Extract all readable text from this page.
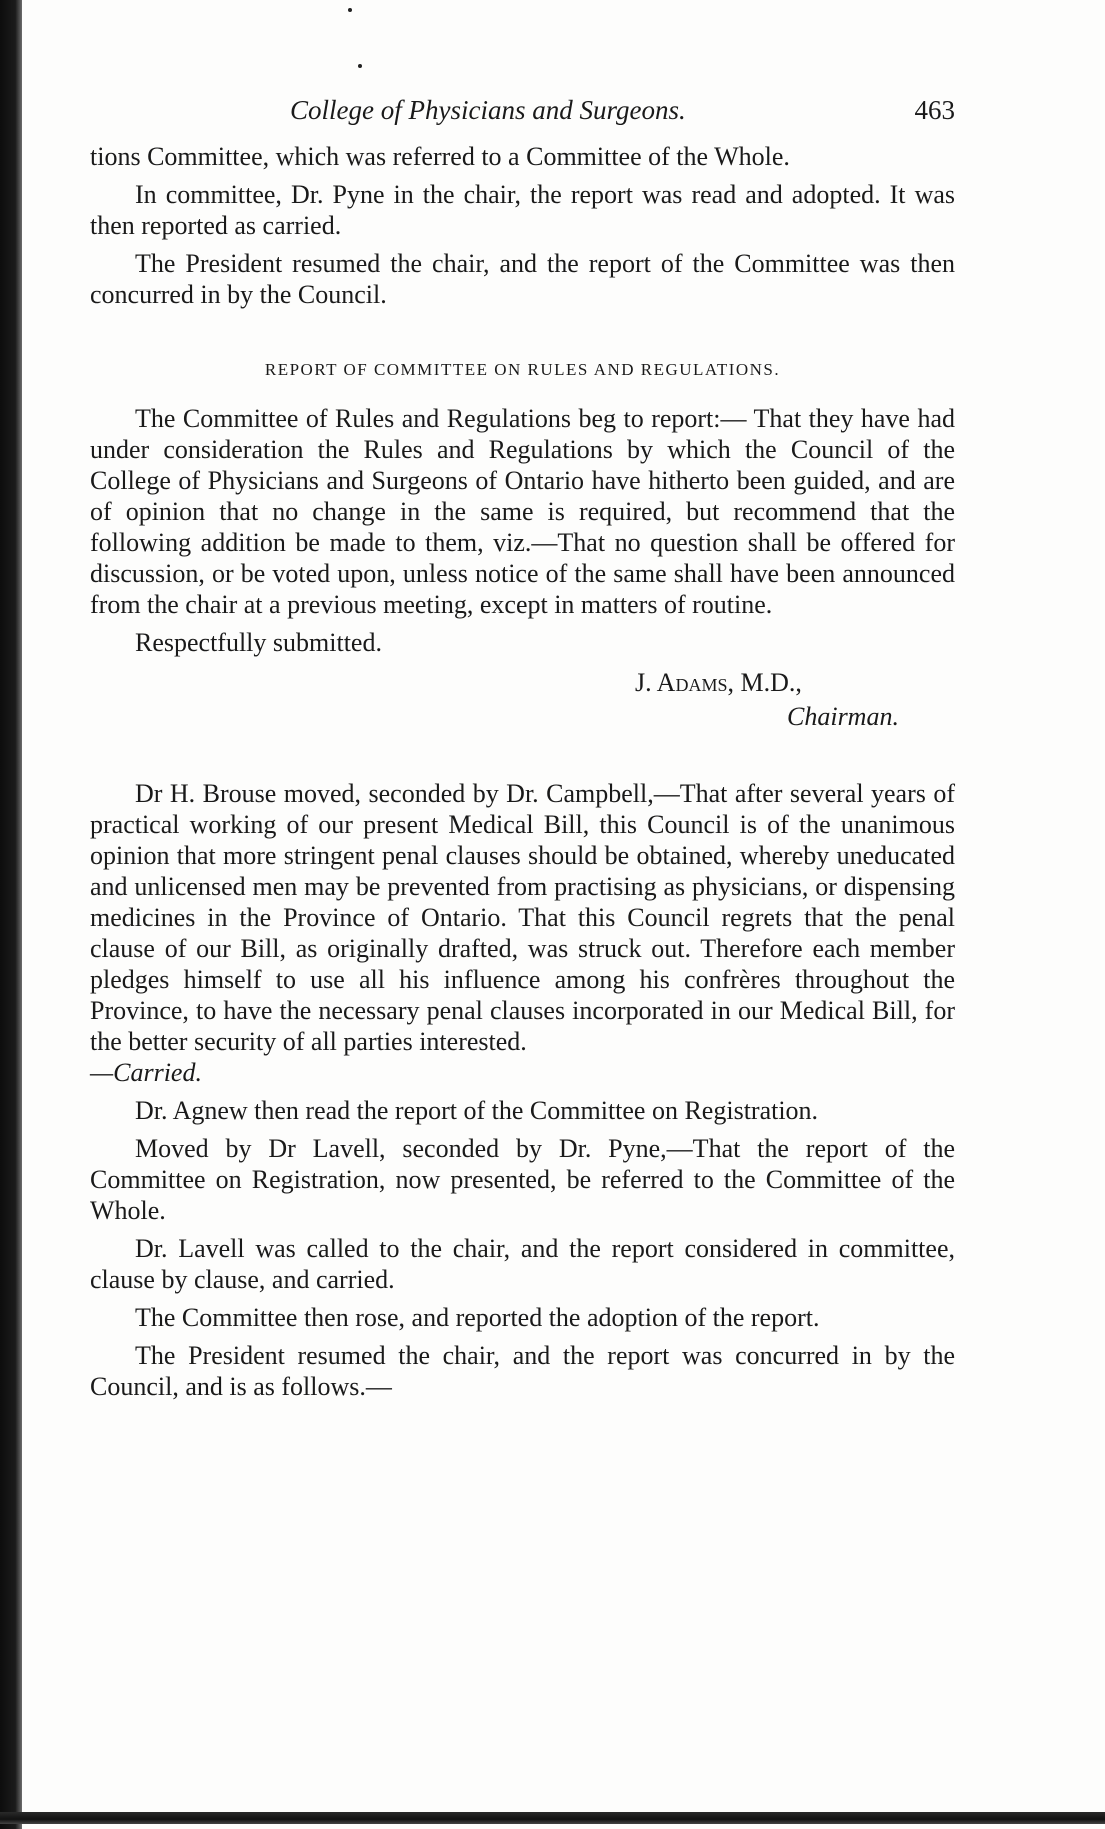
College of Physicians and Surgeons.	463

tions Committee, which was referred to a Committee of the Whole.

In committee, Dr. Pyne in the chair, the report was read and adopted. It was then reported as carried.

The President resumed the chair, and the report of the Committee was then concurred in by the Council.

REPORT OF COMMITTEE ON RULES AND REGULATIONS.

The Committee of Rules and Regulations beg to report:— That they have had under consideration the Rules and Regulations by which the Council of the College of Physicians and Surgeons of Ontario have hitherto been guided, and are of opinion that no change in the same is required, but recommend that the following addition be made to them, viz.—That no question shall be offered for discussion, or be voted upon, unless notice of the same shall have been announced from the chair at a previous meeting, except in matters of routine.

Respectfully submitted.

J. Adams, M.D.,
Chairman.

Dr H. Brouse moved, seconded by Dr. Campbell,—That after several years of practical working of our present Medical Bill, this Council is of the unanimous opinion that more stringent penal clauses should be obtained, whereby uneducated and unlicensed men may be prevented from practising as physicians, or dispensing medicines in the Province of Ontario. That this Council regrets that the penal clause of our Bill, as originally drafted, was struck out. Therefore each member pledges himself to use all his influence among his confrères throughout the Province, to have the necessary penal clauses incorporated in our Medical Bill, for the better security of all parties interested.
—Carried.

Dr. Agnew then read the report of the Committee on Registration.

Moved by Dr Lavell, seconded by Dr. Pyne,—That the report of the Committee on Registration, now presented, be referred to the Committee of the Whole.

Dr. Lavell was called to the chair, and the report considered in committee, clause by clause, and carried.

The Committee then rose, and reported the adoption of the report.

The President resumed the chair, and the report was concurred in by the Council, and is as follows.—
